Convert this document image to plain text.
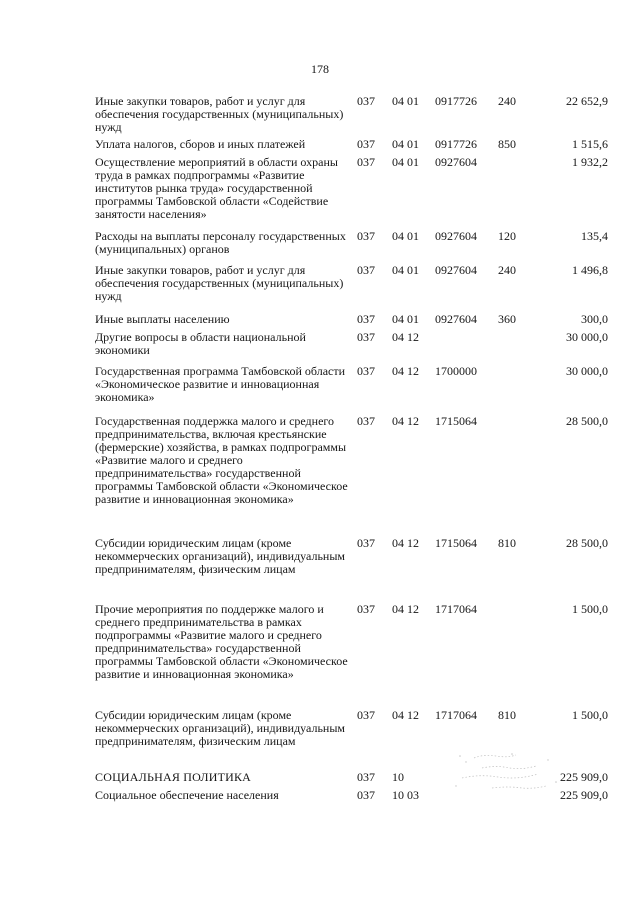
178
Иные закупки товаров, работ и услуг для обеспечения государственных (муниципальных) нужд	037	04 01	0917726	240	22 652,9
Уплата налогов, сборов и иных платежей	037	04 01	0917726	850	1 515,6
Осуществление мероприятий в области охраны труда в рамках подпрограммы «Развитие институтов рынка труда» государственной программы Тамбовской области «Содействие занятости населения»	037	04 01	0927604		1 932,2
Расходы на выплаты персоналу государственных (муниципальных) органов	037	04 01	0927604	120	135,4
Иные закупки товаров, работ и услуг для обеспечения государственных (муниципальных) нужд	037	04 01	0927604	240	1 496,8
Иные выплаты населению	037	04 01	0927604	360	300,0
Другие вопросы в области национальной экономики	037	04 12			30 000,0
Государственная программа Тамбовской области «Экономическое развитие и инновационная экономика»	037	04 12	1700000		30 000,0
Государственная поддержка малого и среднего предпринимательства, включая крестьянские (фермерские) хозяйства, в рамках подпрограммы «Развитие малого и среднего предпринимательства» государственной программы Тамбовской области «Экономическое развитие и инновационная экономика»	037	04 12	1715064		28 500,0
Субсидии юридическим лицам (кроме некоммерческих организаций), индивидуальным предпринимателям, физическим лицам	037	04 12	1715064	810	28 500,0
Прочие мероприятия по поддержке малого и среднего предпринимательства в рамках подпрограммы «Развитие малого и среднего предпринимательства» государственной программы Тамбовской области «Экономическое развитие и инновационная экономика»	037	04 12	1717064		1 500,0
Субсидии юридическим лицам (кроме некоммерческих организаций), индивидуальным предпринимателям, физическим лицам	037	04 12	1717064	810	1 500,0
СОЦИАЛЬНАЯ ПОЛИТИКА	037	10			225 909,0
Социальное обеспечение населения	037	10 03			225 909,0
